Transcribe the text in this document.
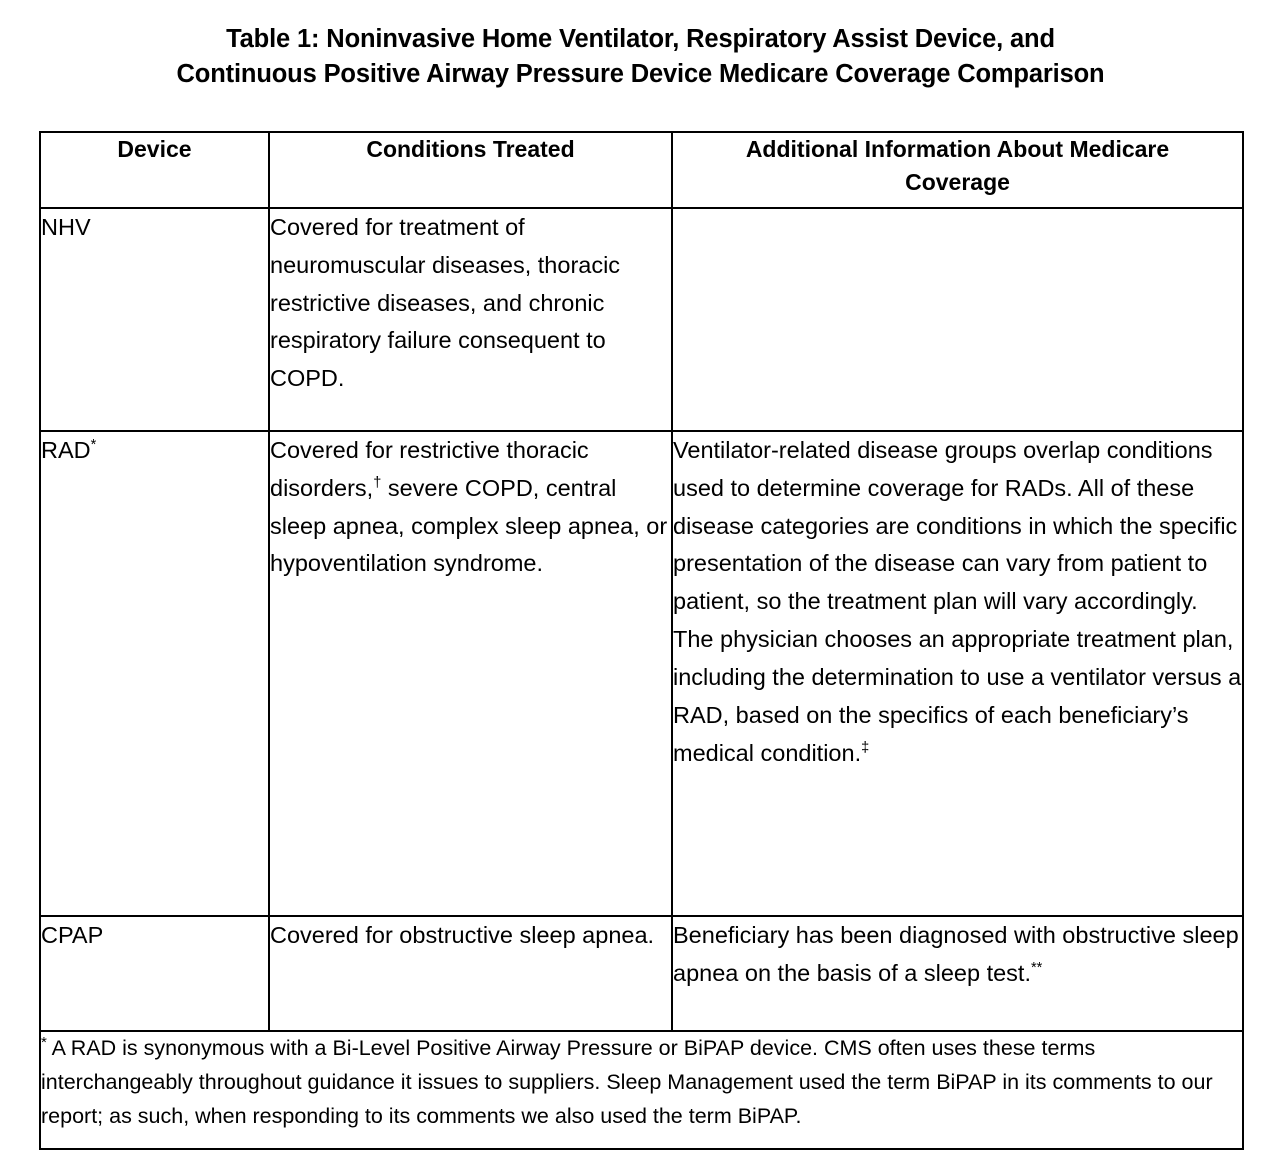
Table 1: Noninvasive Home Ventilator, Respiratory Assist Device, and
Continuous Positive Airway Pressure Device Medicare Coverage Comparison
Device	Conditions Treated	Additional Information About Medicare
Coverage

NHV	Covered for treatment of neuromuscular diseases, thoracic restrictive diseases, and chronic respiratory failure consequent to COPD.	

RAD*	Covered for restrictive thoracic disorders,† severe COPD, central sleep apnea, complex sleep apnea, or hypoventilation syndrome.	Ventilator-related disease groups overlap conditions used to determine coverage for RADs. All of these disease categories are conditions in which the specific presentation of the disease can vary from patient to patient, so the treatment plan will vary accordingly. The physician chooses an appropriate treatment plan, including the determination to use a ventilator versus a RAD, based on the specifics of each beneficiary’s medical condition.‡

CPAP	Covered for obstructive sleep apnea.	Beneficiary has been diagnosed with obstructive sleep apnea on the basis of a sleep test.**

* A RAD is synonymous with a Bi-Level Positive Airway Pressure or BiPAP device. CMS often uses these terms interchangeably throughout guidance it issues to suppliers. Sleep Management used the term BiPAP in its comments to our report; as such, when responding to its comments we also used the term BiPAP.		
